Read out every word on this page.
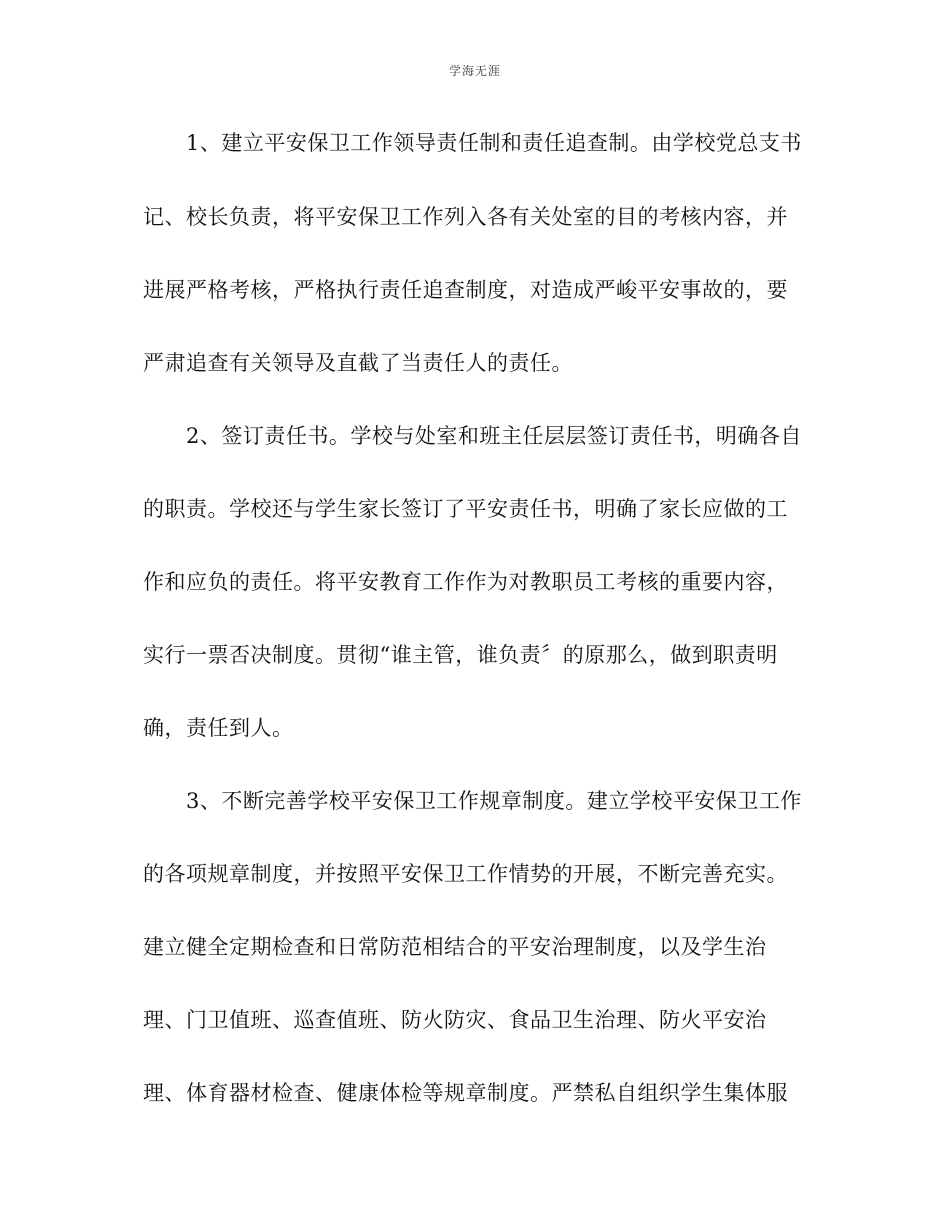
学海无涯
1、建立平安保卫工作领导责任制和责任追查制。由学校党总支书
记、校长负责，将平安保卫工作列入各有关处室的目的考核内容，并
进展严格考核，严格执行责任追查制度，对造成严峻平安事故的，要
严肃追查有关领导及直截了当责任人的责任。
2、签订责任书。学校与处室和班主任层层签订责任书，明确各自
的职责。学校还与学生家长签订了平安责任书，明确了家长应做的工
作和应负的责任。将平安教育工作作为对教职员工考核的重要内容，
实行一票否决制度。贯彻“谁主管，谁负责〞的原那么，做到职责明
确，责任到人。
3、不断完善学校平安保卫工作规章制度。建立学校平安保卫工作
的各项规章制度，并按照平安保卫工作情势的开展，不断完善充实。
建立健全定期检查和日常防范相结合的平安治理制度，以及学生治
理、门卫值班、巡查值班、防火防灾、食品卫生治理、防火平安治
理、体育器材检查、健康体检等规章制度。严禁私自组织学生集体服
